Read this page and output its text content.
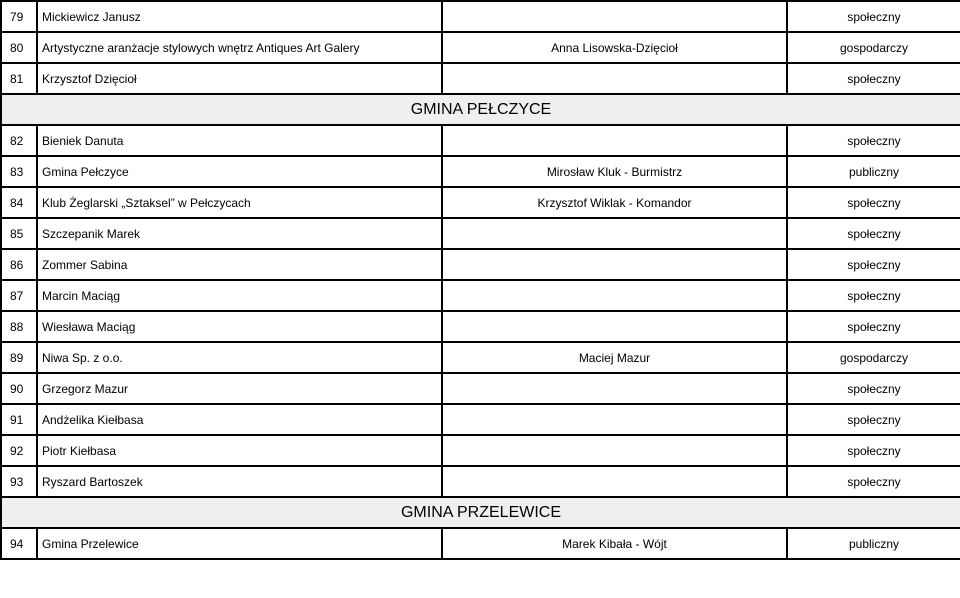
79	Mickiewicz Janusz		społeczny
80	Artystyczne aranżacje stylowych wnętrz Antiques Art Galery	Anna Lisowska-Dzięcioł	gospodarczy
81	Krzysztof Dzięcioł		społeczny
GMINA PEŁCZYCE			
82	Bieniek Danuta		społeczny
83	Gmina Pełczyce	Mirosław Kluk - Burmistrz	publiczny
84	Klub Żeglarski „Sztaksel” w Pełczycach	Krzysztof Wiklak - Komandor	społeczny
85	Szczepanik Marek		społeczny
86	Zommer Sabina		społeczny
87	Marcin Maciąg		społeczny
88	Wiesława Maciąg		społeczny
89	Niwa Sp. z o.o.	Maciej Mazur	gospodarczy
90	Grzegorz Mazur		społeczny
91	Andżelika Kiełbasa		społeczny
92	Piotr Kiełbasa		społeczny
93	Ryszard Bartoszek		społeczny
GMINA PRZELEWICE			
94	Gmina Przelewice	Marek Kibała - Wójt	publiczny
